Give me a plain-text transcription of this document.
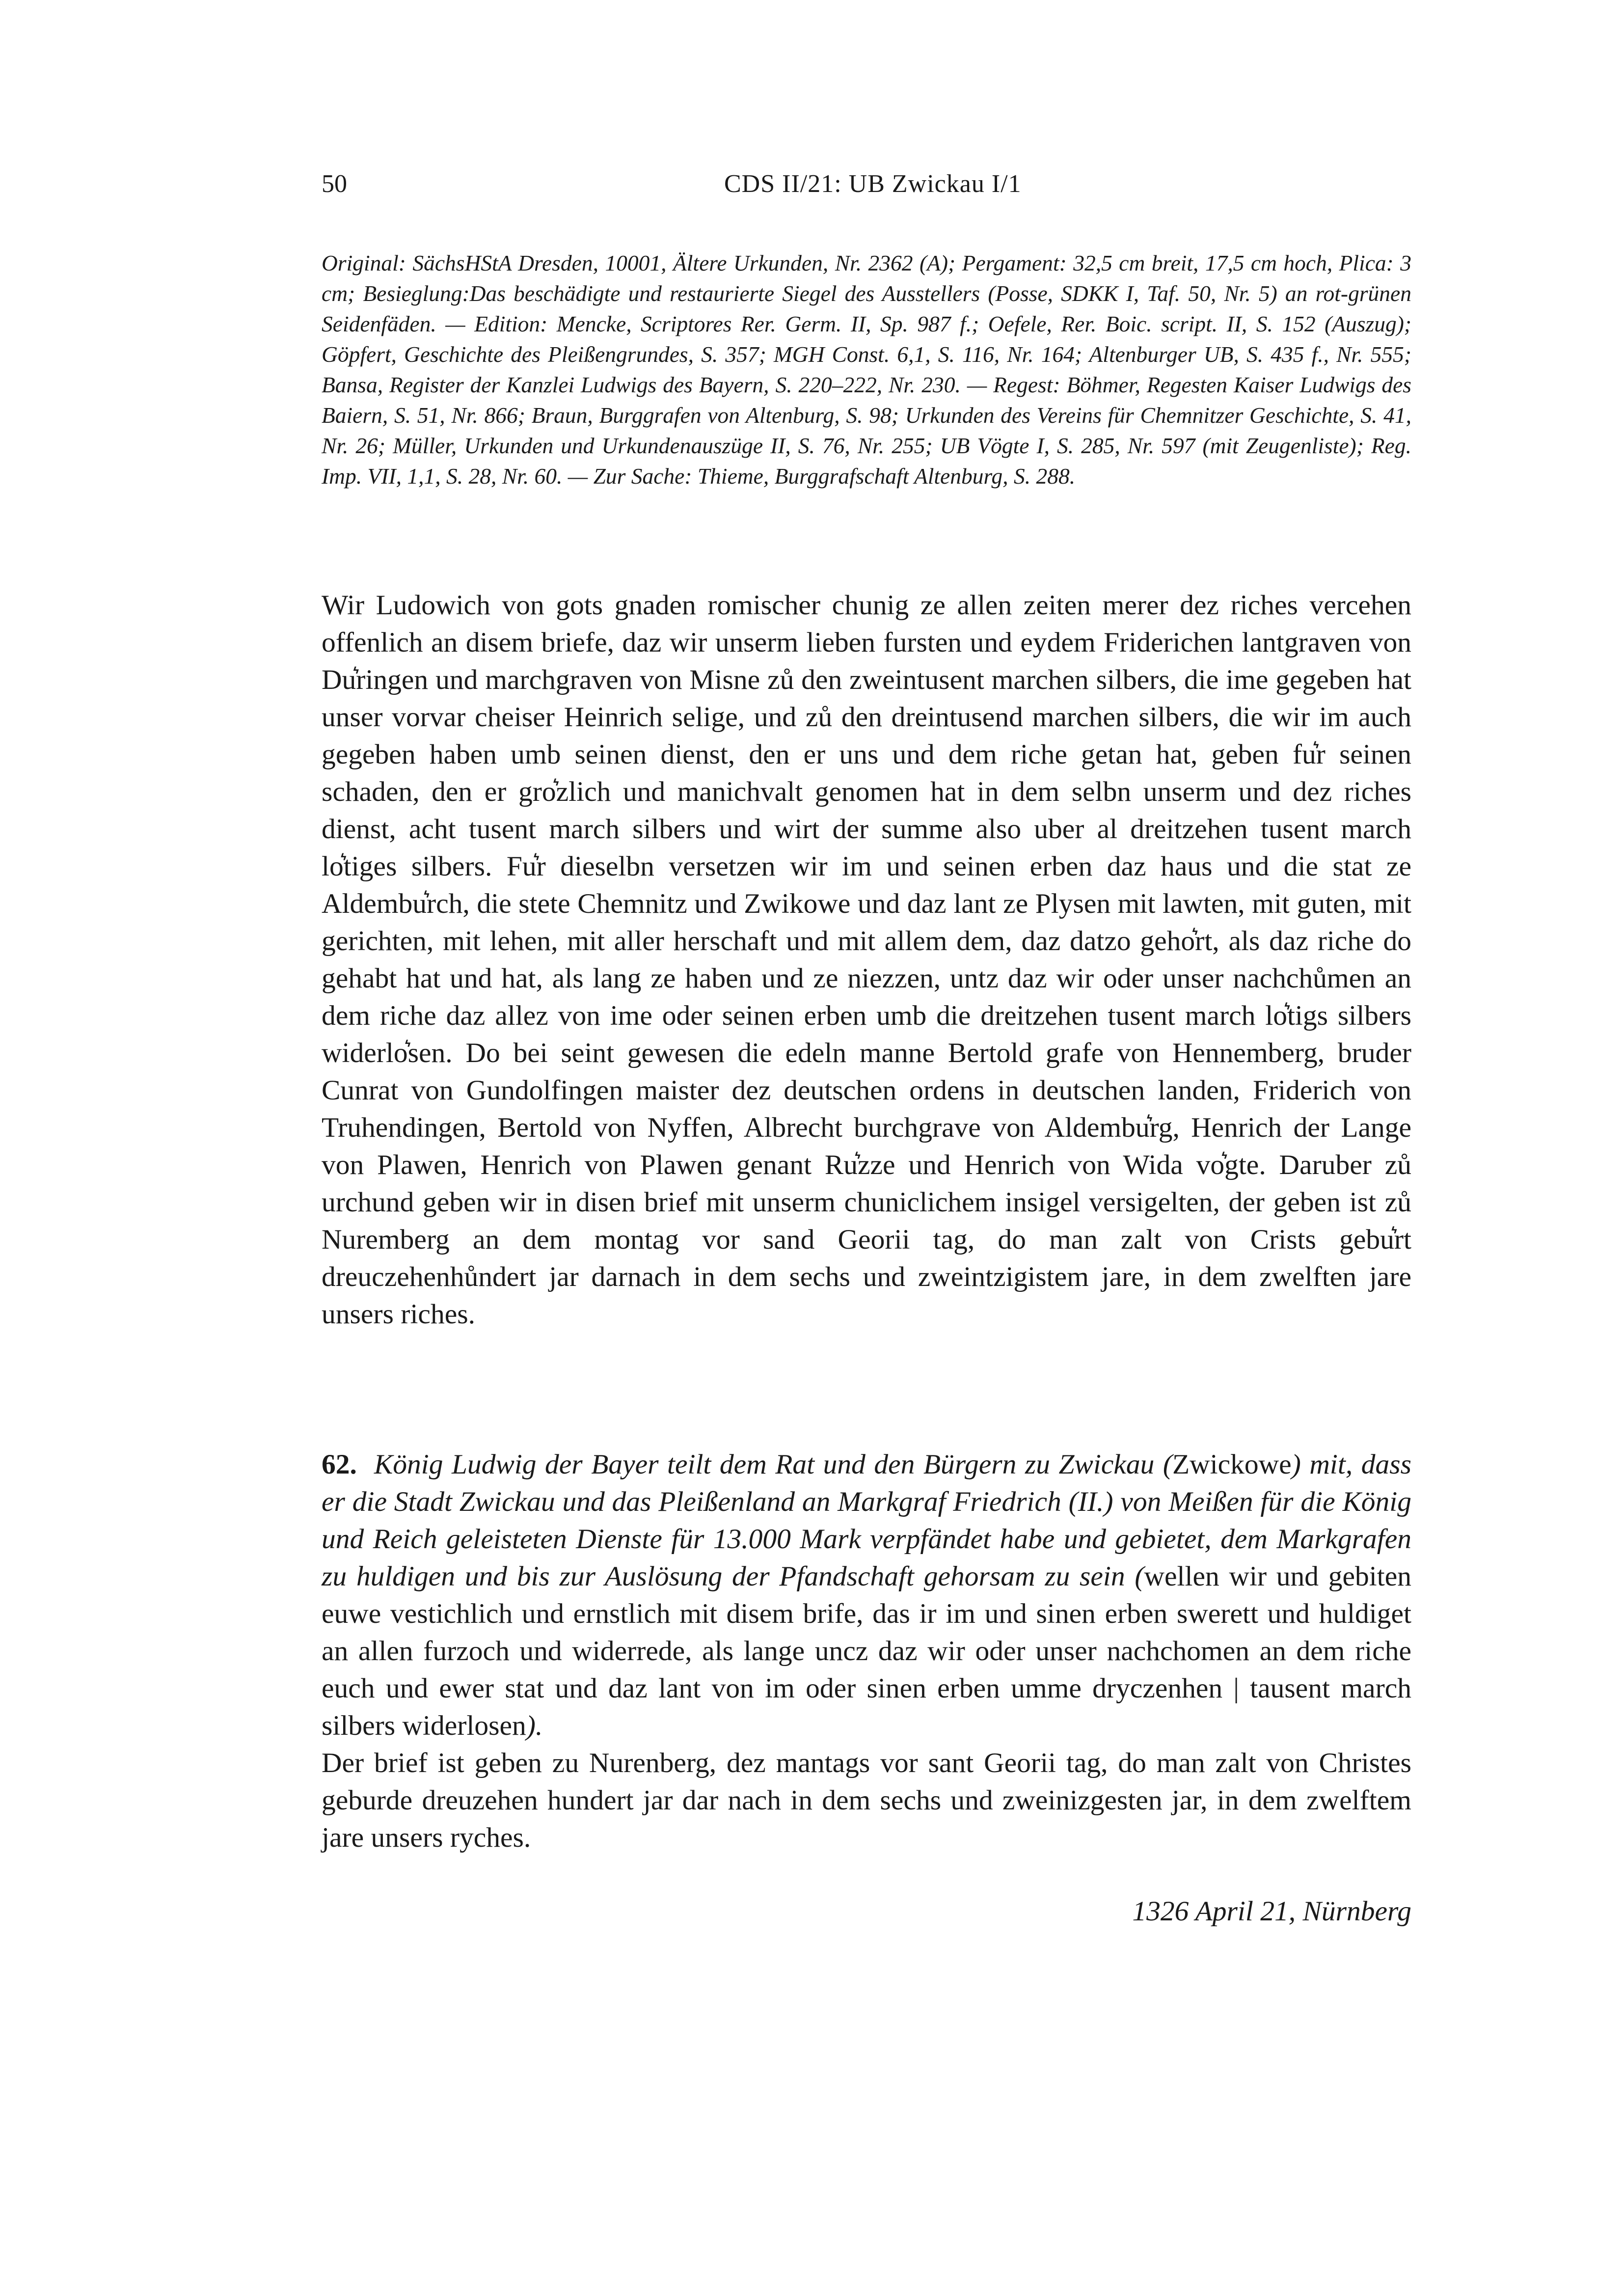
50	CDS II/21: UB Zwickau I/1

Original: SächsHStA Dresden, 10001, Ältere Urkunden, Nr. 2362 (A); Pergament: 32,5 cm breit, 17,5 cm hoch, Plica: 3 cm; Besieglung:Das beschädigte und restaurierte Siegel des Ausstellers (Posse, SDKK I, Taf. 50, Nr. 5) an rot-grünen Seidenfäden. — Edition: Mencke, Scriptores Rer. Germ. II, Sp. 987 f.; Oefele, Rer. Boic. script. II, S. 152 (Auszug); Göpfert, Geschichte des Pleißengrundes, S. 357; MGH Const. 6,1, S. 116, Nr. 164; Altenburger UB, S. 435 f., Nr. 555; Bansa, Register der Kanzlei Ludwigs des Bayern, S. 220–222, Nr. 230. — Regest: Böhmer, Regesten Kaiser Ludwigs des Baiern, S. 51, Nr. 866; Braun, Burggrafen von Altenburg, S. 98; Urkunden des Vereins für Chemnitzer Geschichte, S. 41, Nr. 26; Müller, Urkunden und Urkundenauszüge II, S. 76, Nr. 255; UB Vögte I, S. 285, Nr. 597 (mit Zeugenliste); Reg. Imp. VII, 1,1, S. 28, Nr. 60. — Zur Sache: Thieme, Burggrafschaft Altenburg, S. 288.

Wir Ludowich von gots gnaden romischer chunig ze allen zeiten merer dez riches vercehen offenlich an disem briefe, daz wir unserm lieben fursten und eydem Friderichen lantgraven von Du͛ringen und marchgraven von Misne zů den zweintusent marchen silbers, die ime gegeben hat unser vorvar cheiser Heinrich selige, und zů den dreintusend marchen silbers, die wir im auch gegeben haben umb seinen dienst, den er uns und dem riche getan hat, geben fu͛r seinen schaden, den er gro͛zlich und manichvalt genomen hat in dem selbn unserm und dez riches dienst, acht tusent march silbers und wirt der summe also uber al dreitzehen tusent march lo͛tiges silbers. Fu͛r dieselbn versetzen wir im und seinen erben daz haus und die stat ze Aldembu͛rch, die stete Chemnitz und Zwikowe und daz lant ze Plysen mit lawten, mit guten, mit gerichten, mit lehen, mit aller herschaft und mit allem dem, daz datzo geho͛rt, als daz riche do gehabt hat und hat, als lang ze haben und ze niezzen, untz daz wir oder unser nachchůmen an dem riche daz allez von ime oder seinen erben umb die dreitzehen tusent march lo͛tigs silbers widerlo͛sen. Do bei seint gewesen die edeln manne Bertold grafe von Hennemberg, bruder Cunrat von Gundolfingen maister dez deutschen ordens in deutschen landen, Friderich von Truhendingen, Bertold von Nyffen, Albrecht burchgrave von Aldembu͛rg, Henrich der Lange von Plawen, Henrich von Plawen genant Ru͛zze und Henrich von Wida vo͛gte. Daruber zů urchund geben wir in disen brief mit unserm chuniclichem insigel versigelten, der geben ist zů Nuremberg an dem montag vor sand Georii tag, do man zalt von Crists gebu͛rt dreuczehenhůndert jar darnach in dem sechs und zweintzigistem jare, in dem zwelften jare unsers riches.

62. König Ludwig der Bayer teilt dem Rat und den Bürgern zu Zwickau (Zwickowe) mit, dass er die Stadt Zwickau und das Pleißenland an Markgraf Friedrich (II.) von Meißen für die König und Reich geleisteten Dienste für 13.000 Mark verpfändet habe und gebietet, dem Markgrafen zu huldigen und bis zur Auslösung der Pfandschaft gehorsam zu sein (wellen wir und gebiten euwe vestichlich und ernstlich mit disem brife, das ir im und sinen erben swerett und huldiget an allen furzoch und widerrede, als lange uncz daz wir oder unser nachchomen an dem riche euch und ewer stat und daz lant von im oder sinen erben umme dryczenhen | tausent march silbers widerlosen).

Der brief ist geben zu Nurenberg, dez mantags vor sant Georii tag, do man zalt von Christes geburde dreuzehen hundert jar dar nach in dem sechs und zweinizgesten jar, in dem zwelftem jare unsers ryches.

1326 April 21, Nürnberg
